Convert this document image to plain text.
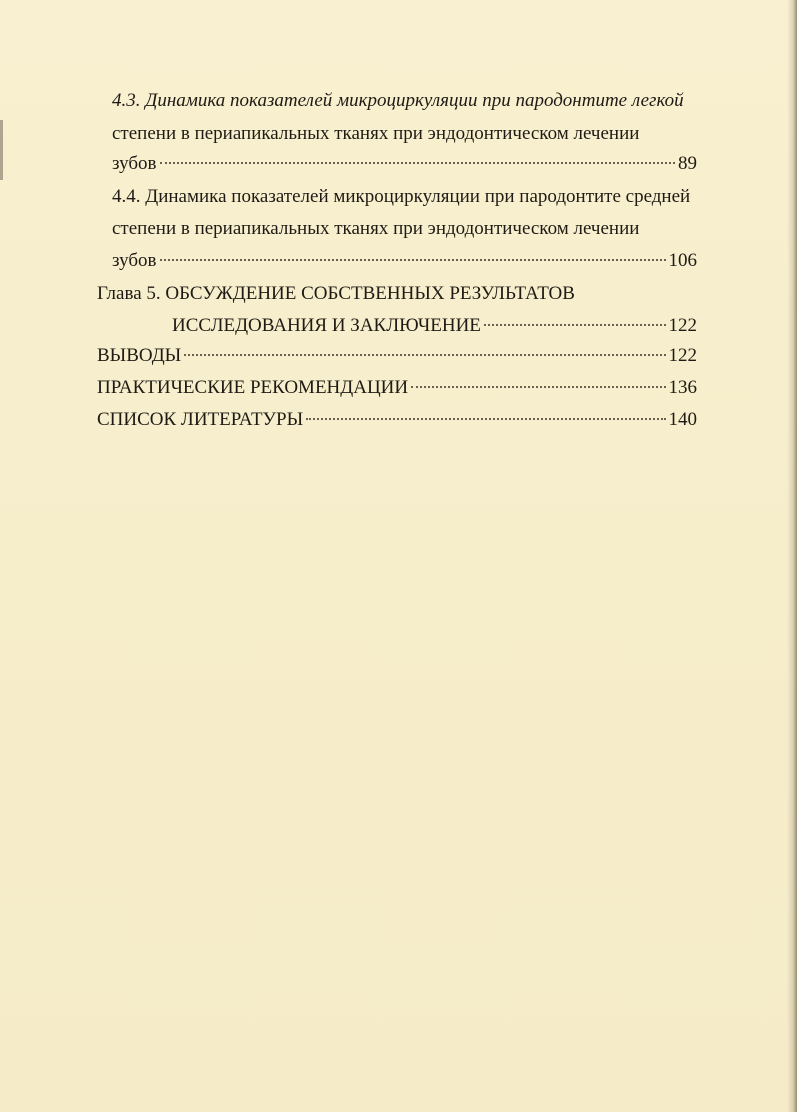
4.3. Динамика показателей микроциркуляции при пародонтите легкой
степени в периапикальных тканях при эндодонтическом лечении
зубов	89
4.4. Динамика показателей микроциркуляции при пародонтите средней
степени в периапикальных тканях при эндодонтическом лечении
зубов	106
Глава 5. ОБСУЖДЕНИЕ СОБСТВЕННЫХ РЕЗУЛЬТАТОВ
ИССЛЕДОВАНИЯ И ЗАКЛЮЧЕНИЕ	122
ВЫВОДЫ	122
ПРАКТИЧЕСКИЕ РЕКОМЕНДАЦИИ	136
СПИСОК ЛИТЕРАТУРЫ	140
